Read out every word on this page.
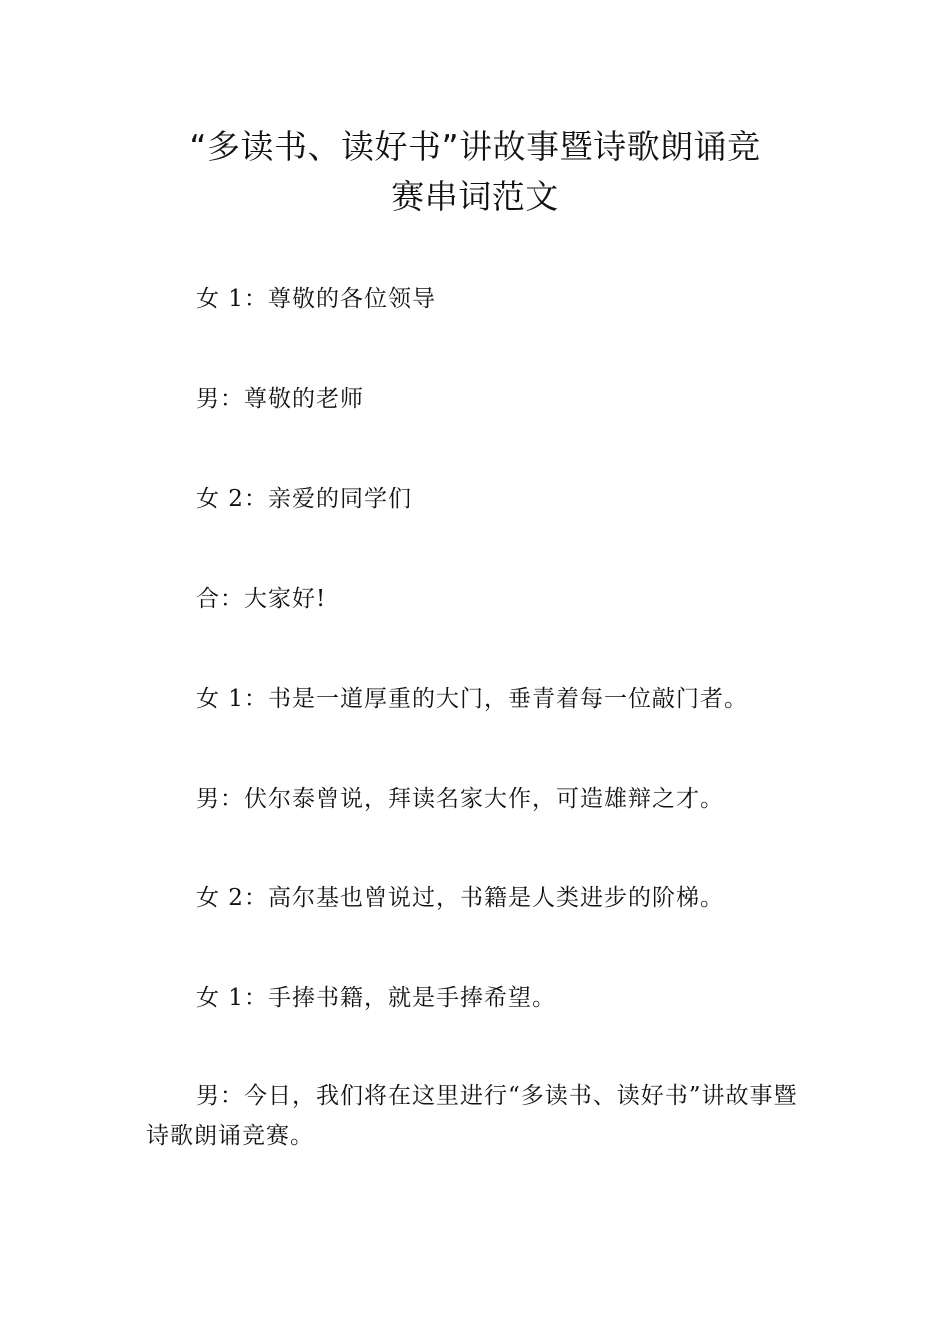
“多读书、读好书”讲故事暨诗歌朗诵竞
赛串词范文

女 1：尊敬的各位领导

男：尊敬的老师

女 2：亲爱的同学们

合：大家好!

女 1：书是一道厚重的大门，垂青着每一位敲门者。

男：伏尔泰曾说，拜读名家大作，可造雄辩之才。

女 2：高尔基也曾说过，书籍是人类进步的阶梯。

女 1：手捧书籍，就是手捧希望。

男：今日，我们将在这里进行“多读书、读好书”讲故事暨诗歌朗诵竞赛。
